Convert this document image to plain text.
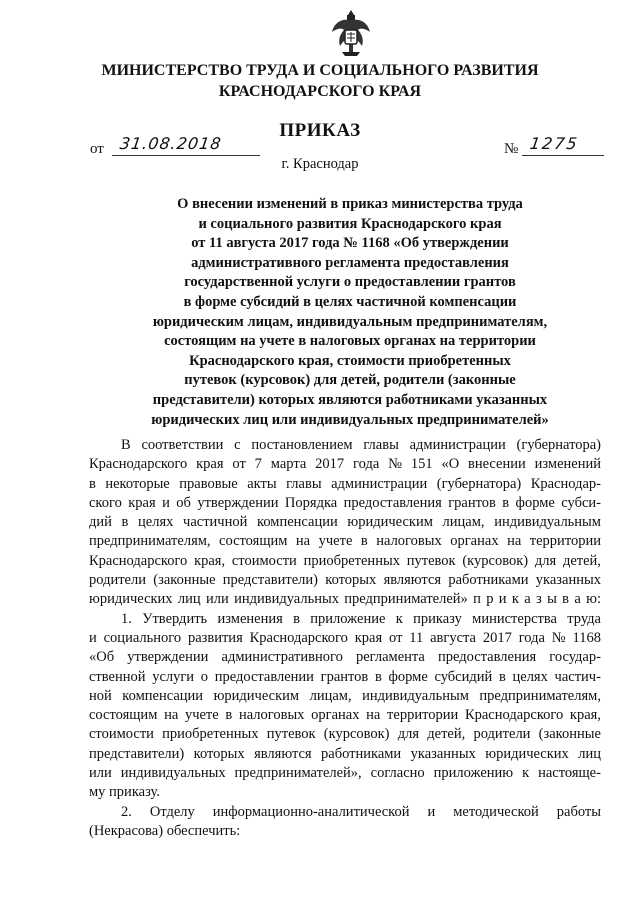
МИНИСТЕРСТВО ТРУДА И СОЦИАЛЬНОГО РАЗВИТИЯ
КРАСНОДАРСКОГО КРАЯ
ПРИКАЗ
от 31.08.2018	№ 1275
г. Краснодар
О внесении изменений в приказ министерства труда
и социального развития Краснодарского края
от 11 августа 2017 года № 1168 «Об утверждении
административного регламента предоставления
государственной услуги о предоставлении грантов
в форме субсидий в целях частичной компенсации
юридическим лицам, индивидуальным предпринимателям,
состоящим на учете в налоговых органах на территории
Краснодарского края, стоимости приобретенных
путевок (курсовок) для детей, родители (законные
представители) которых являются работниками указанных
юридических лиц или индивидуальных предпринимателей»
В соответствии с постановлением главы администрации (губернатора)
Краснодарского края от 7 марта 2017 года № 151 «О внесении изменений
в некоторые правовые акты главы администрации (губернатора) Краснодар-
ского края и об утверждении Порядка предоставления грантов в форме субси-
дий в целях частичной компенсации юридическим лицам, индивидуальным
предпринимателям, состоящим на учете в налоговых органах на территории
Краснодарского края, стоимости приобретенных путевок (курсовок) для детей,
родители (законные представители) которых являются работниками указанных
юридических лиц или индивидуальных предпринимателей» п р и к а з ы в а ю:
1. Утвердить изменения в приложение к приказу министерства труда
и социального развития Краснодарского края от 11 августа 2017 года № 1168
«Об утверждении административного регламента предоставления государ-
ственной услуги о предоставлении грантов в форме субсидий в целях частич-
ной компенсации юридическим лицам, индивидуальным предпринимателям,
состоящим на учете в налоговых органах на территории Краснодарского края,
стоимости приобретенных путевок (курсовок) для детей, родители (законные
представители) которых являются работниками указанных юридических лиц
или индивидуальных предпринимателей», согласно приложению к настояще-
му приказу.
2. Отделу информационно-аналитической и методической работы
(Некрасова) обеспечить:
